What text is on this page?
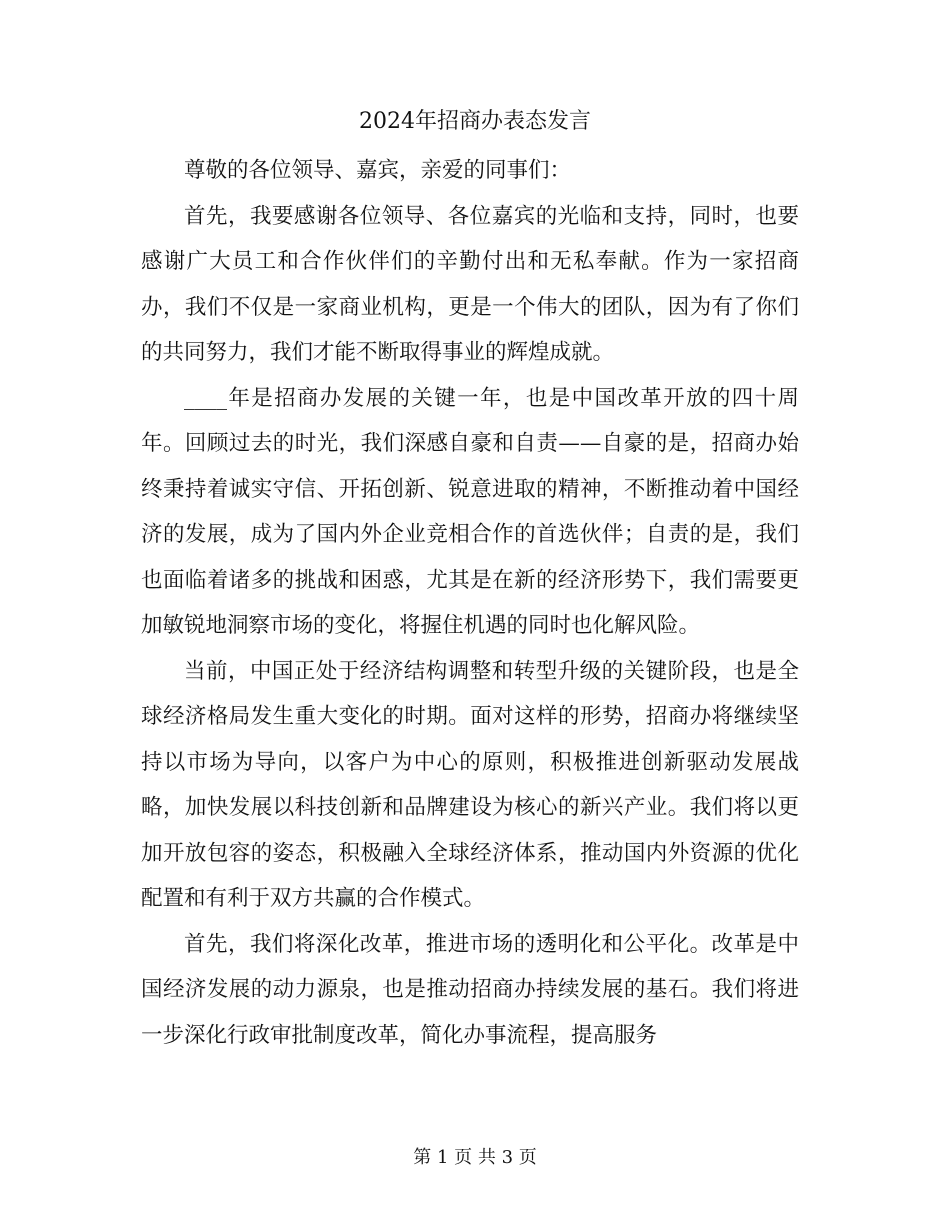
2024年招商办表态发言

尊敬的各位领导、嘉宾，亲爱的同事们：

首先，我要感谢各位领导、各位嘉宾的光临和支持，同时，也要感谢广大员工和合作伙伴们的辛勤付出和无私奉献。作为一家招商办，我们不仅是一家商业机构，更是一个伟大的团队，因为有了你们的共同努力，我们才能不断取得事业的辉煌成就。

____年是招商办发展的关键一年，也是中国改革开放的四十周年。回顾过去的时光，我们深感自豪和自责——自豪的是，招商办始终秉持着诚实守信、开拓创新、锐意进取的精神，不断推动着中国经济的发展，成为了国内外企业竞相合作的首选伙伴；自责的是，我们也面临着诸多的挑战和困惑，尤其是在新的经济形势下，我们需要更加敏锐地洞察市场的变化，将握住机遇的同时也化解风险。

当前，中国正处于经济结构调整和转型升级的关键阶段，也是全球经济格局发生重大变化的时期。面对这样的形势，招商办将继续坚持以市场为导向，以客户为中心的原则，积极推进创新驱动发展战略，加快发展以科技创新和品牌建设为核心的新兴产业。我们将以更加开放包容的姿态，积极融入全球经济体系，推动国内外资源的优化配置和有利于双方共赢的合作模式。

首先，我们将深化改革，推进市场的透明化和公平化。改革是中国经济发展的动力源泉，也是推动招商办持续发展的基石。我们将进一步深化行政审批制度改革，简化办事流程，提高服务

第 1 页 共 3 页
